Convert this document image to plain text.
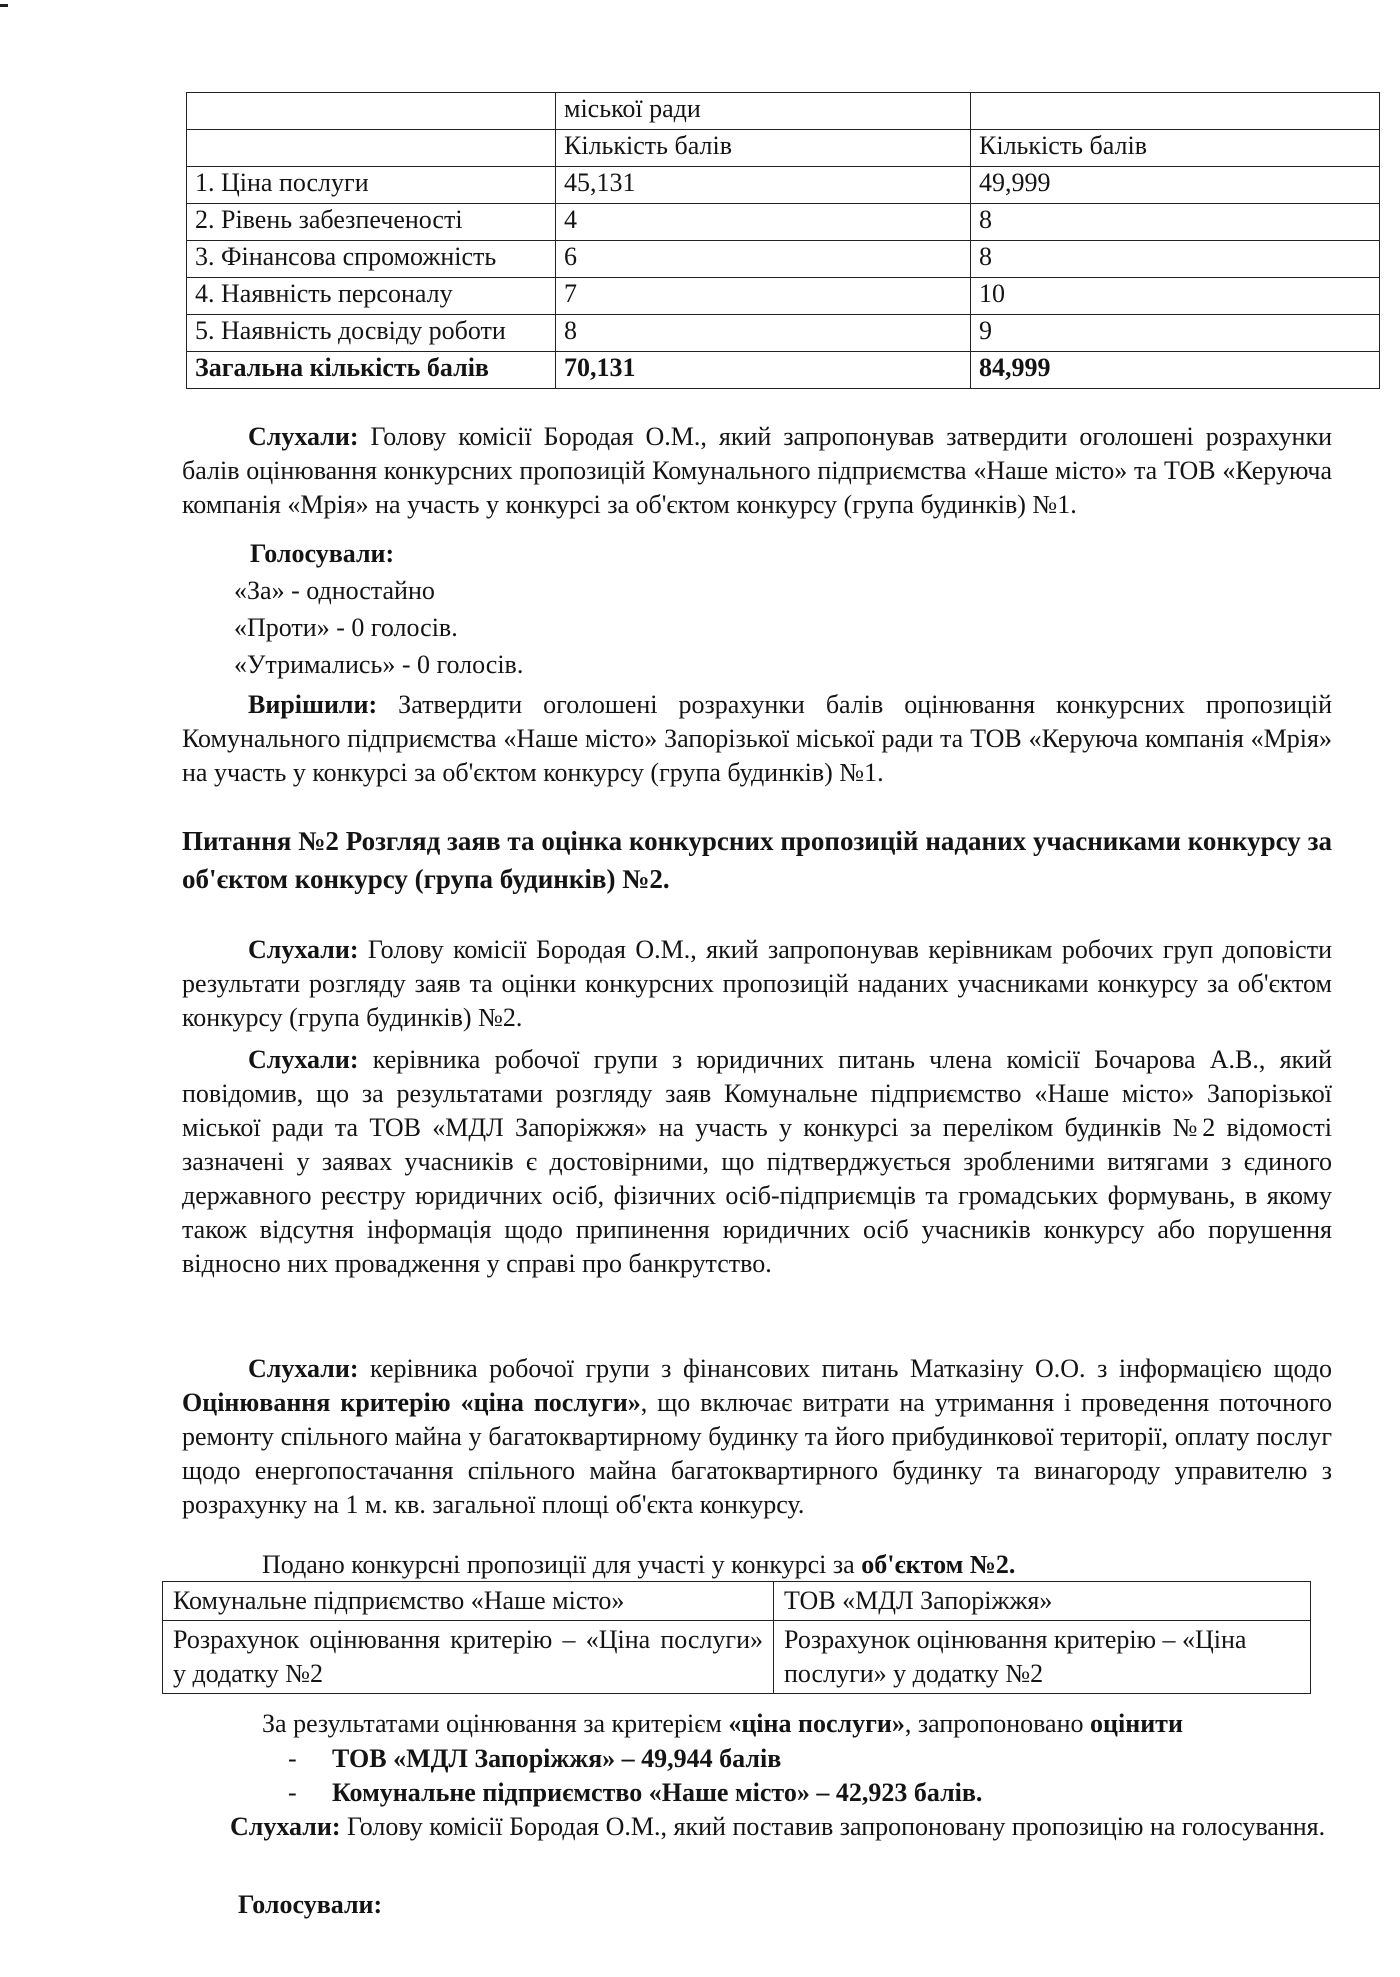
	міської ради	
	Кількість балів	Кількість балів
1. Ціна послуги	45,131	49,999
2. Рівень забезпеченості	4	8
3. Фінансова спроможність	6	8
4. Наявність персоналу	7	10
5. Наявність досвіду роботи	8	9
Загальна кількість балів	70,131	84,999

Слухали: Голову комісії Бородая О.М., який запропонував затвердити оголошені розрахунки балів оцінювання конкурсних пропозицій Комунального підприємства «Наше місто» та ТОВ «Керуюча компанія «Мрія» на участь у конкурсі за об'єктом конкурсу (група будинків) №1.

Голосували:
«За» - одностайно
«Проти» - 0 голосів.
«Утримались» - 0 голосів.

Вирішили: Затвердити оголошені розрахунки балів оцінювання конкурсних пропозицій Комунального підприємства «Наше місто» Запорізької міської ради та ТОВ «Керуюча компанія «Мрія» на участь у конкурсі за об'єктом конкурсу (група будинків) №1.

Питання №2 Розгляд заяв та оцінка конкурсних пропозицій наданих учасниками конкурсу за об'єктом конкурсу (група будинків) №2.

Слухали: Голову комісії Бородая О.М., який запропонував керівникам робочих груп доповісти результати розгляду заяв та оцінки конкурсних пропозицій наданих учасниками конкурсу за об'єктом конкурсу (група будинків) №2.

Слухали: керівника робочої групи з юридичних питань члена комісії Бочарова А.В., який повідомив, що за результатами розгляду заяв Комунальне підприємство «Наше місто» Запорізької міської ради та ТОВ «МДЛ Запоріжжя» на участь у конкурсі за переліком будинків №2 відомості зазначені у заявах учасників є достовірними, що підтверджується зробленими витягами з єдиного державного реєстру юридичних осіб, фізичних осіб-підприємців та громадських формувань, в якому також відсутня інформація щодо припинення юридичних осіб учасників конкурсу або порушення відносно них провадження у справі про банкрутство.

Слухали: керівника робочої групи з фінансових питань Матказіну О.О. з інформацією щодо Оцінювання критерію «ціна послуги», що включає витрати на утримання і проведення поточного ремонту спільного майна у багатоквартирному будинку та його прибудинкової території, оплату послуг щодо енергопостачання спільного майна багатоквартирного будинку та винагороду управителю з розрахунку на 1 м. кв. загальної площі об'єкта конкурсу.

Подано конкурсні пропозиції для участі у конкурсі за об'єктом №2.
Комунальне підприємство «Наше місто»	ТОВ «МДЛ Запоріжжя»
Розрахунок оцінювання критерію – «Ціна послуги» у додатку №2	Розрахунок оцінювання критерію – «Ціна послуги» у додатку №2
За результатами оцінювання за критерієм «ціна послуги», запропоновано оцінити
- ТОВ «МДЛ Запоріжжя» – 49,944 балів
- Комунальне підприємство «Наше місто» – 42,923 балів.

Слухали: Голову комісії Бородая О.М., який поставив запропоновану пропозицію на голосування.

Голосували:
